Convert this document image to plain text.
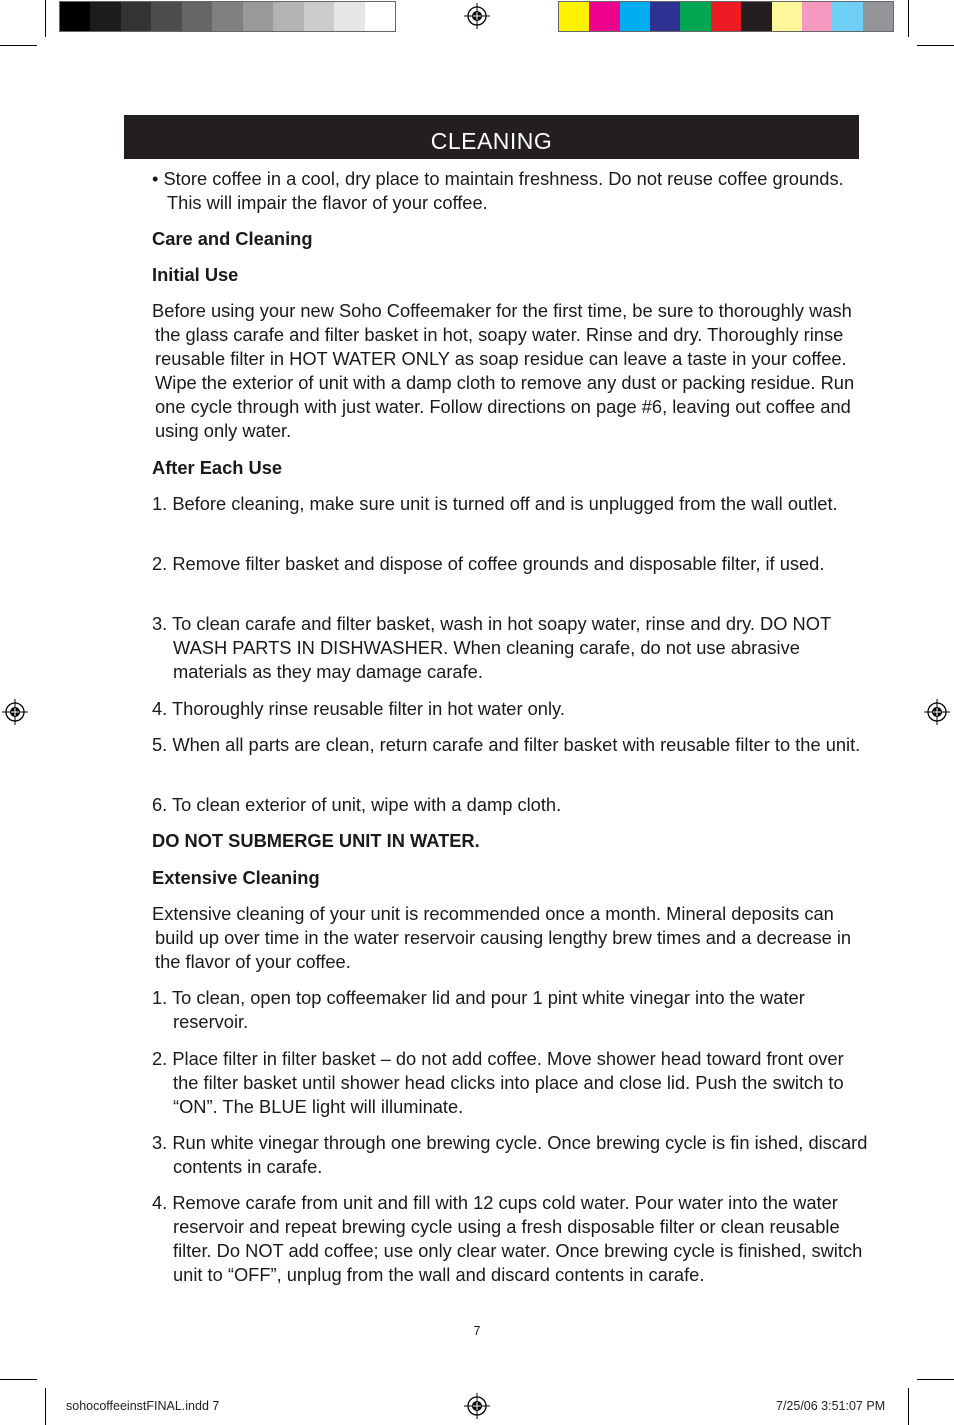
CLEANING

• Store coffee in a cool, dry place to maintain freshness. Do not reuse coffee grounds. This will impair the flavor of your coffee.

Care and Cleaning

Initial Use

Before using your new Soho Coffeemaker for the first time, be sure to thoroughly wash the glass carafe and filter basket in hot, soapy water. Rinse and dry. Thoroughly rinse reusable filter in HOT WATER ONLY as soap residue can leave a taste in your coffee. Wipe the exterior of unit with a damp cloth to remove any dust or packing residue. Run one cycle through with just water. Follow directions on page #6, leaving out coffee and using only water.

After Each Use

1. Before cleaning, make sure unit is turned off and is unplugged from the wall outlet.

2. Remove filter basket and dispose of coffee grounds and disposable filter, if used.

3. To clean carafe and filter basket, wash in hot soapy water, rinse and dry. DO NOT WASH PARTS IN DISHWASHER. When cleaning carafe, do not use abrasive materials as they may damage carafe.

4. Thoroughly rinse reusable filter in hot water only.

5. When all parts are clean, return carafe and filter basket with reusable filter to the unit.

6. To clean exterior of unit, wipe with a damp cloth.

DO NOT SUBMERGE UNIT IN WATER.

Extensive Cleaning

Extensive cleaning of your unit is recommended once a month. Mineral deposits can build up over time in the water reservoir causing lengthy brew times and a decrease in the flavor of your coffee.

1. To clean, open top coffeemaker lid and pour 1 pint white vinegar into the water reservoir.

2. Place filter in filter basket – do not add coffee. Move shower head toward front over the filter basket until shower head clicks into place and close lid. Push the switch to “ON”. The BLUE light will illuminate.

3. Run white vinegar through one brewing cycle. Once brewing cycle is fin ished, discard contents in carafe.

4. Remove carafe from unit and fill with 12 cups cold water. Pour water into the water reservoir and repeat brewing cycle using a fresh disposable filter or clean reusable filter. Do NOT add coffee; use only clear water. Once brewing cycle is finished, switch unit to “OFF”, unplug from the wall and discard contents in carafe.

7
sohocoffeeinstFINAL.indd 7	7/25/06 3:51:07 PM
